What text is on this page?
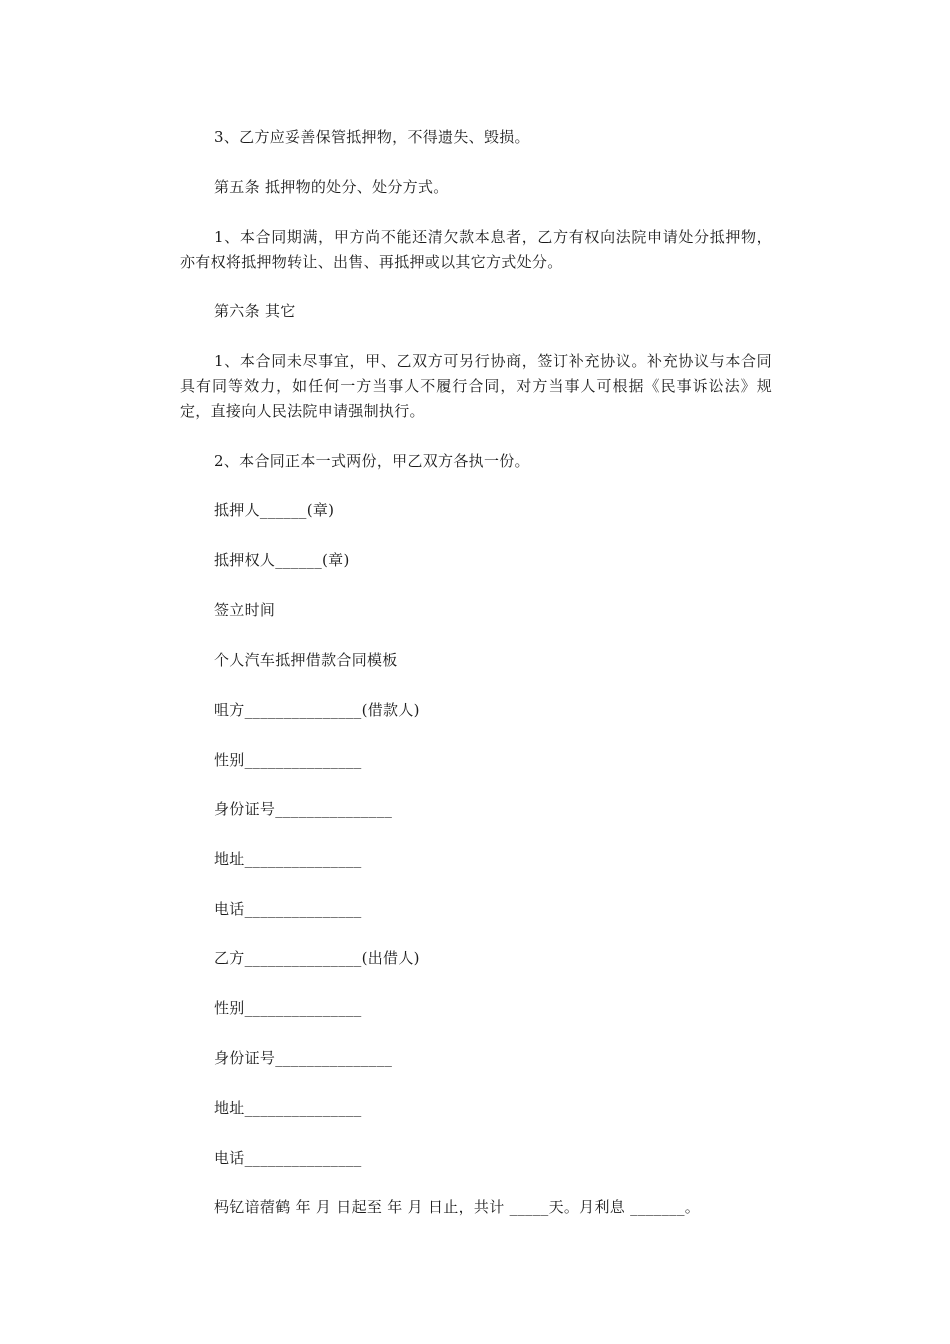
3、乙方应妥善保管抵押物，不得遗失、毁损。
第五条 抵押物的处分、处分方式。
1、本合同期满，甲方尚不能还清欠款本息者，乙方有权向法院申请处分抵押物，亦有权将抵押物转让、出售、再抵押或以其它方式处分。
第六条 其它
1、本合同未尽事宜，甲、乙双方可另行协商，签订补充协议。补充协议与本合同具有同等效力，如任何一方当事人不履行合同，对方当事人可根据《民事诉讼法》规定，直接向人民法院申请强制执行。
2、本合同正本一式两份，甲乙双方各执一份。
抵押人______(章)
抵押权人______(章)
签立时间
个人汽车抵押借款合同模板
咀方_______________(借款人)
性别_______________
身份证号_______________
地址_______________
电话_______________
乙方_______________(出借人)
性别_______________
身份证号_______________
地址_______________
电话_______________
杩钇谙蓿鹤 年 月 日起至 年 月 日止，共计 _____天。月利息 _______。
